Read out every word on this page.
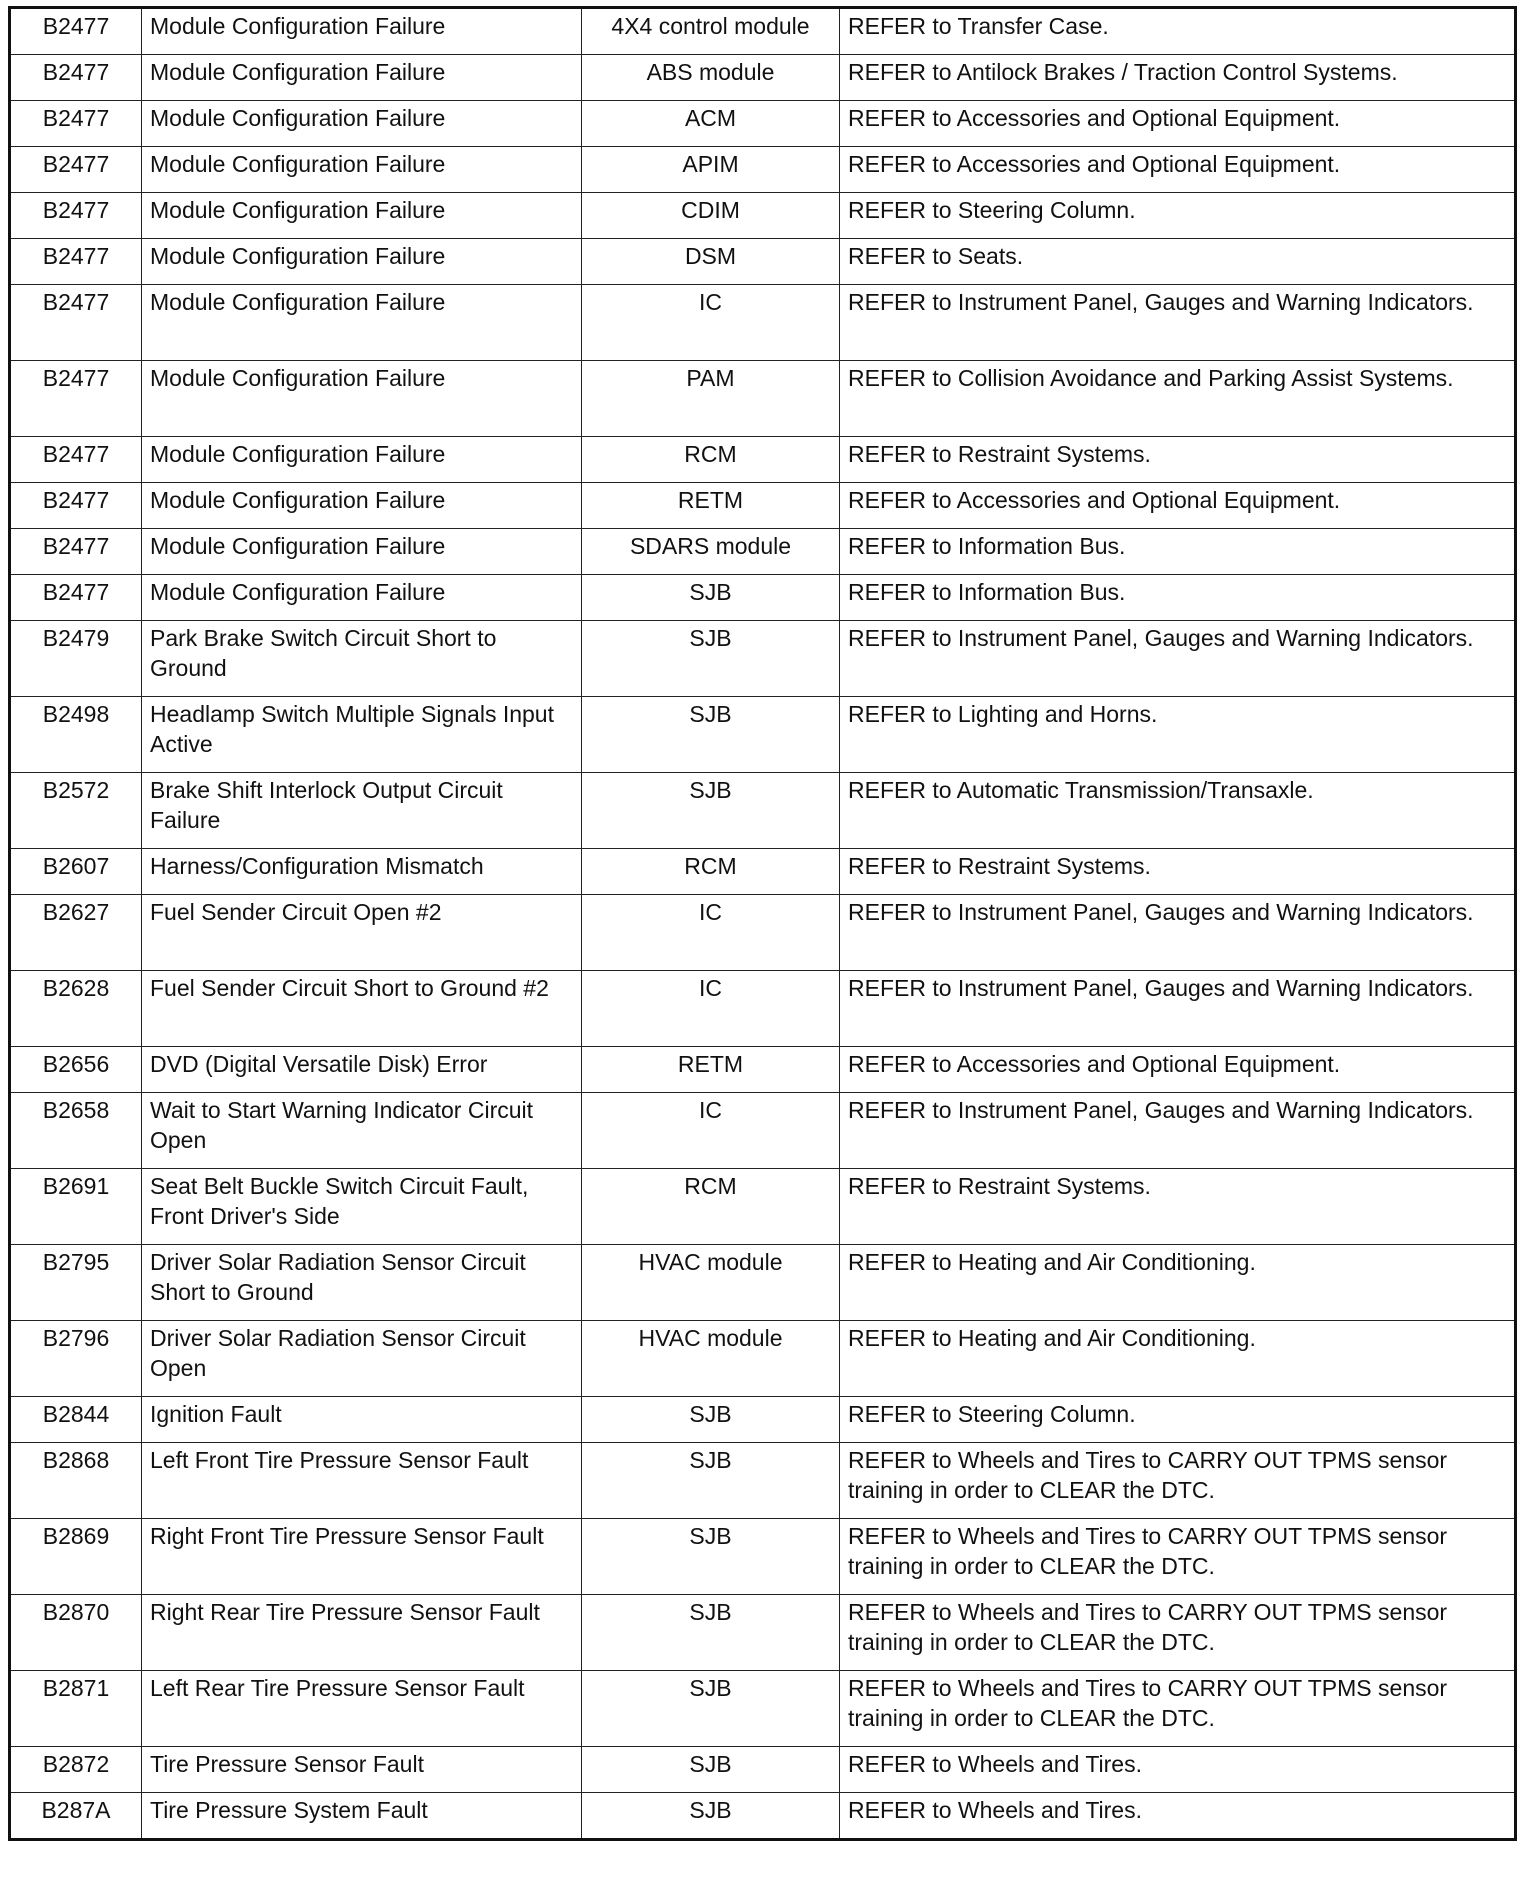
B2477	Module Configuration Failure	4X4 control module	REFER to Transfer Case.
B2477	Module Configuration Failure	ABS module	REFER to Antilock Brakes / Traction Control Systems.
B2477	Module Configuration Failure	ACM	REFER to Accessories and Optional Equipment.
B2477	Module Configuration Failure	APIM	REFER to Accessories and Optional Equipment.
B2477	Module Configuration Failure	CDIM	REFER to Steering Column.
B2477	Module Configuration Failure	DSM	REFER to Seats.
B2477	Module Configuration Failure	IC	REFER to Instrument Panel, Gauges and Warning Indicators.
B2477	Module Configuration Failure	PAM	REFER to Collision Avoidance and Parking Assist Systems.
B2477	Module Configuration Failure	RCM	REFER to Restraint Systems.
B2477	Module Configuration Failure	RETM	REFER to Accessories and Optional Equipment.
B2477	Module Configuration Failure	SDARS module	REFER to Information Bus.
B2477	Module Configuration Failure	SJB	REFER to Information Bus.
B2479	Park Brake Switch Circuit Short to Ground	SJB	REFER to Instrument Panel, Gauges and Warning Indicators.
B2498	Headlamp Switch Multiple Signals Input Active	SJB	REFER to Lighting and Horns.
B2572	Brake Shift Interlock Output Circuit Failure	SJB	REFER to Automatic Transmission/Transaxle.
B2607	Harness/Configuration Mismatch	RCM	REFER to Restraint Systems.
B2627	Fuel Sender Circuit Open #2	IC	REFER to Instrument Panel, Gauges and Warning Indicators.
B2628	Fuel Sender Circuit Short to Ground #2	IC	REFER to Instrument Panel, Gauges and Warning Indicators.
B2656	DVD (Digital Versatile Disk) Error	RETM	REFER to Accessories and Optional Equipment.
B2658	Wait to Start Warning Indicator Circuit Open	IC	REFER to Instrument Panel, Gauges and Warning Indicators.
B2691	Seat Belt Buckle Switch Circuit Fault, Front Driver's Side	RCM	REFER to Restraint Systems.
B2795	Driver Solar Radiation Sensor Circuit Short to Ground	HVAC module	REFER to Heating and Air Conditioning.
B2796	Driver Solar Radiation Sensor Circuit Open	HVAC module	REFER to Heating and Air Conditioning.
B2844	Ignition Fault	SJB	REFER to Steering Column.
B2868	Left Front Tire Pressure Sensor Fault	SJB	REFER to Wheels and Tires to CARRY OUT TPMS sensor training in order to CLEAR the DTC.
B2869	Right Front Tire Pressure Sensor Fault	SJB	REFER to Wheels and Tires to CARRY OUT TPMS sensor training in order to CLEAR the DTC.
B2870	Right Rear Tire Pressure Sensor Fault	SJB	REFER to Wheels and Tires to CARRY OUT TPMS sensor training in order to CLEAR the DTC.
B2871	Left Rear Tire Pressure Sensor Fault	SJB	REFER to Wheels and Tires to CARRY OUT TPMS sensor training in order to CLEAR the DTC.
B2872	Tire Pressure Sensor Fault	SJB	REFER to Wheels and Tires.
B287A	Tire Pressure System Fault	SJB	REFER to Wheels and Tires.
